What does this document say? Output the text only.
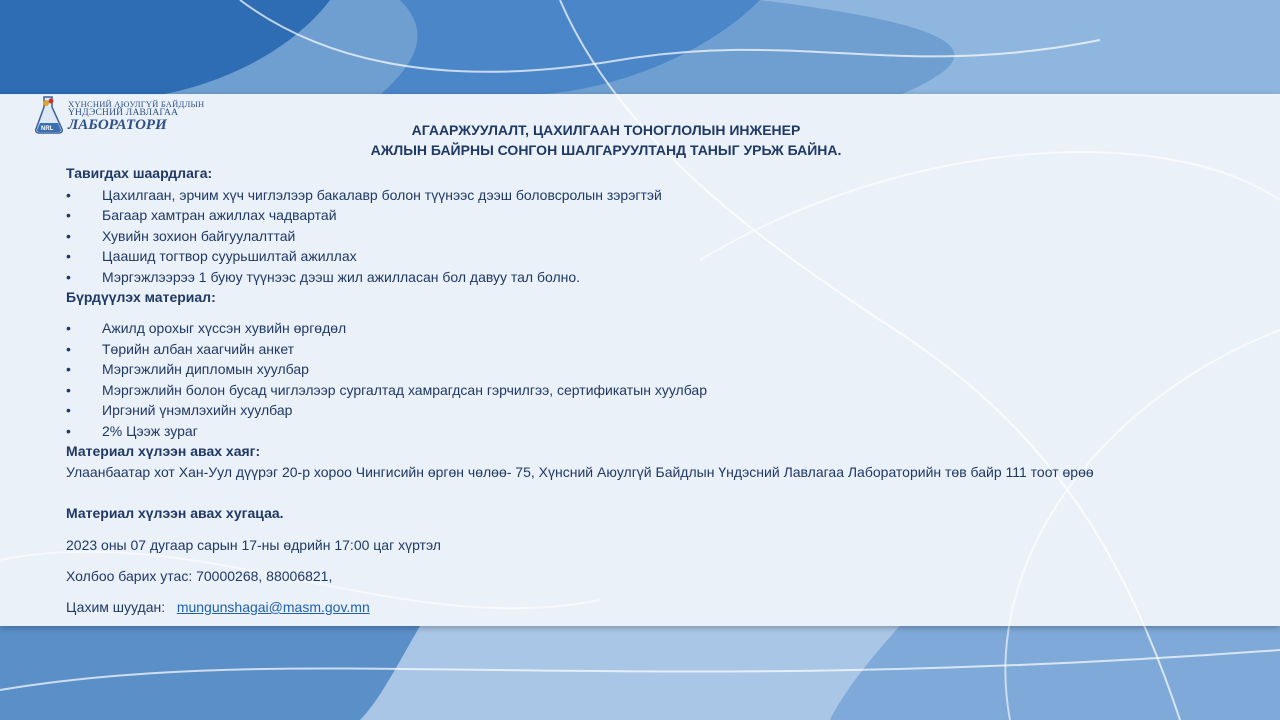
NRL
ХҮНСНИЙ АЮУЛГҮЙ БАЙДЛЫН
ҮНДЭСНИЙ ЛАВЛАГАА
ЛАБОРАТОРИ	АГААРЖУУЛАЛТ, ЦАХИЛГААН ТОНОГЛОЛЫН ИНЖЕНЕР
АЖЛЫН БАЙРНЫ СОНГОН ШАЛГАРУУЛТАНД ТАНЫГ УРЬЖ БАЙНА.
Тавигдах шаардлага:
• Цахилгаан, эрчим хүч чиглэлээр бакалавр болон түүнээс дээш боловсролын зэрэгтэй
• Багаар хамтран ажиллах чадвартай
• Хувийн зохион байгуулалттай
• Цаашид тогтвор суурьшилтай ажиллах
• Мэргэжлээрээ 1 буюу түүнээс дээш жил ажилласан бол давуу тал болно.
Бүрдүүлэх материал:
• Ажилд орохыг хүссэн хувийн өргөдөл
• Төрийн албан хаагчийн анкет
• Мэргэжлийн дипломын хуулбар
• Мэргэжлийн болон бусад чиглэлээр сургалтад хамрагдсан гэрчилгээ, сертификатын хуулбар
• Иргэний үнэмлэхийн хуулбар
• 2% Цээж зураг
Материал хүлээн авах хаяг:
Улаанбаатар хот Хан-Уул дүүрэг 20-р хороо Чингисийн өргөн чөлөө- 75, Хүнсний Аюулгүй Байдлын Үндэсний Лавлагаа Лабораторийн төв байр 111 тоот өрөө
Материал хүлээн авах хугацаа.
2023 оны 07 дугаар сарын 17-ны өдрийн 17:00 цаг хүртэл
Холбоо барих утас: 70000268, 88006821,
Цахим шуудан: mungunshagai@masm.gov.mn
